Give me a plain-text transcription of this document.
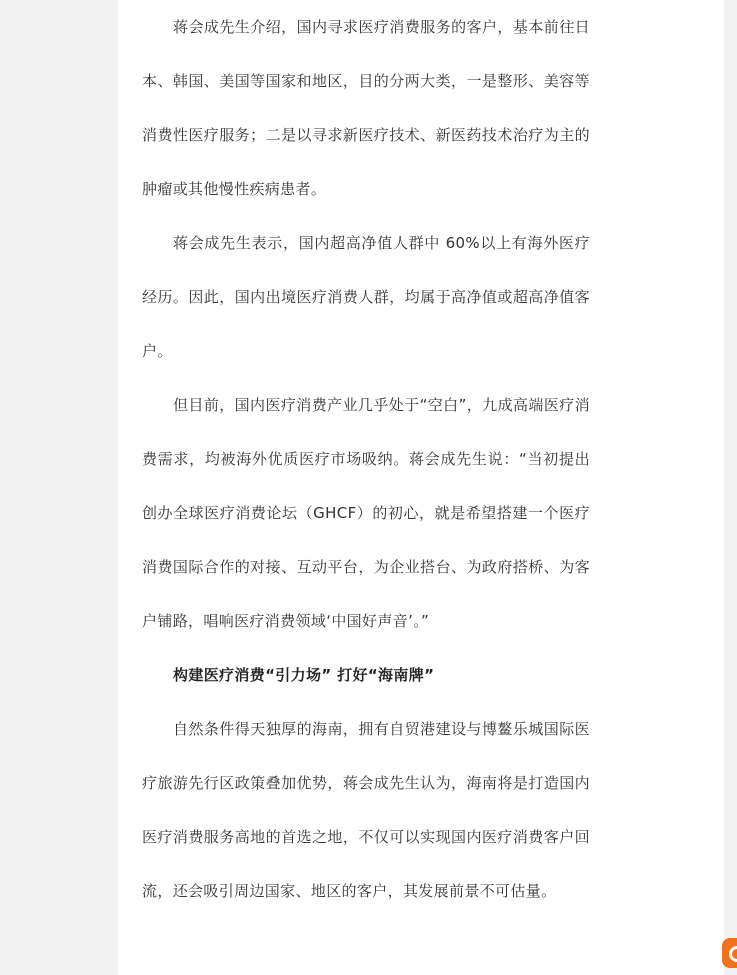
蒋会成先生介绍，国内寻求医疗消费服务的客户，基本前往日本、韩国、美国等国家和地区，目的分两大类，一是整形、美容等消费性医疗服务；二是以寻求新医疗技术、新医药技术治疗为主的肿瘤或其他慢性疾病患者。

蒋会成先生表示，国内超高净值人群中 60%以上有海外医疗经历。因此，国内出境医疗消费人群，均属于高净值或超高净值客户。

但目前，国内医疗消费产业几乎处于“空白”，九成高端医疗消费需求，均被海外优质医疗市场吸纳。蒋会成先生说：“当初提出创办全球医疗消费论坛（GHCF）的初心，就是希望搭建一个医疗消费国际合作的对接、互动平台，为企业搭台、为政府搭桥、为客户铺路，唱响医疗消费领域‘中国好声音’。”

构建医疗消费“引力场” 打好“海南牌”

自然条件得天独厚的海南，拥有自贸港建设与博鳌乐城国际医疗旅游先行区政策叠加优势，蒋会成先生认为，海南将是打造国内医疗消费服务高地的首选之地，不仅可以实现国内医疗消费客户回流，还会吸引周边国家、地区的客户，其发展前景不可估量。
